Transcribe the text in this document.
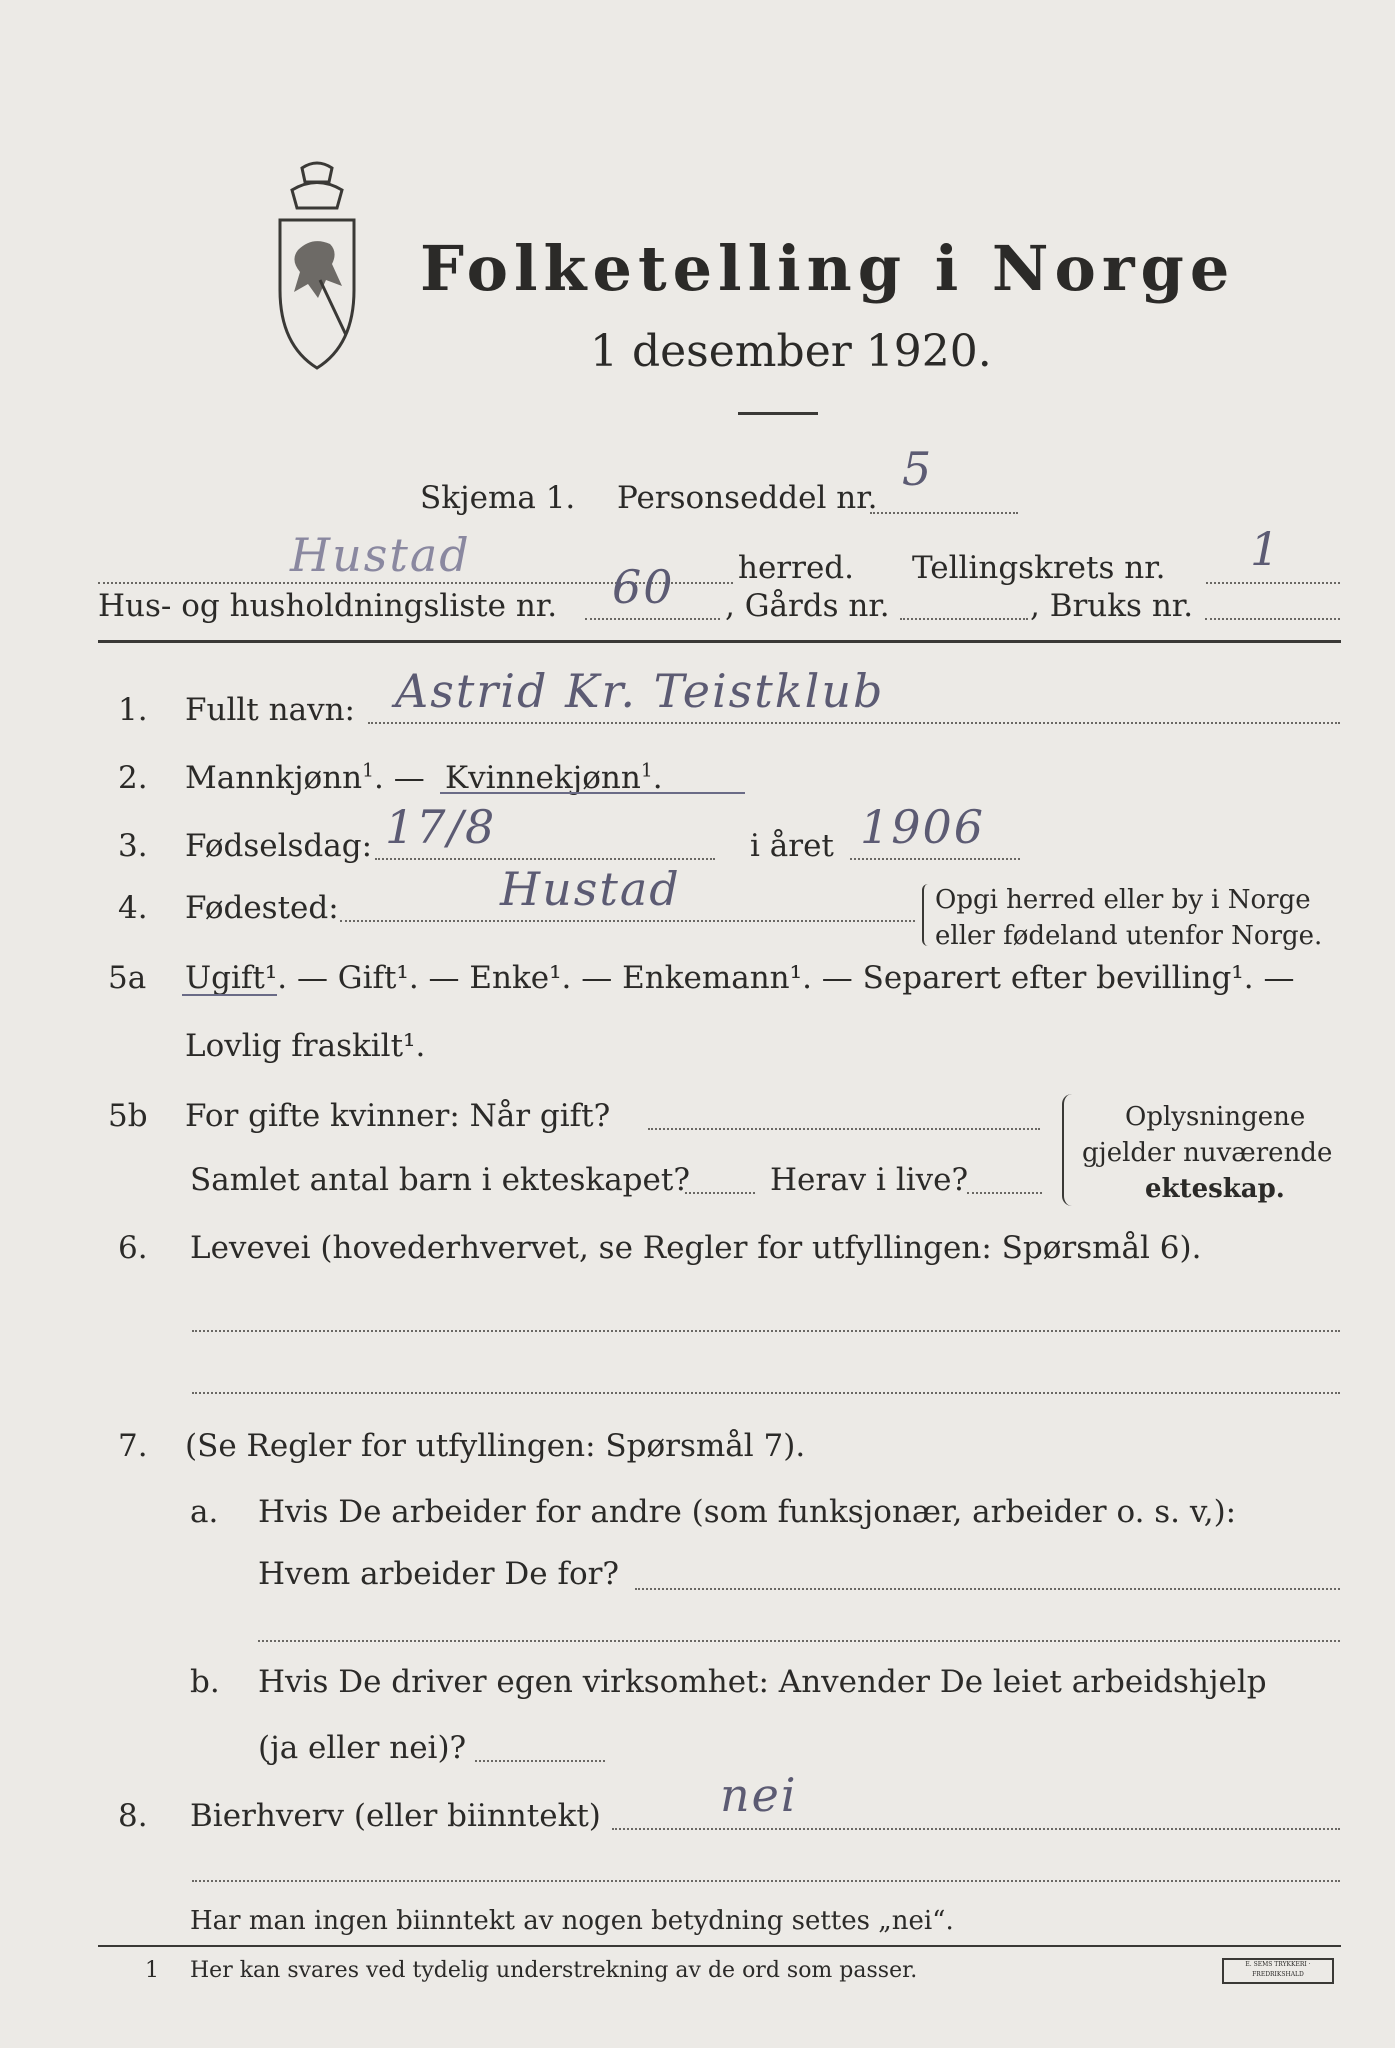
Folketelling i Norge
1 desember 1920.
Skjema 1. Personseddel nr.
5
Hustad	herred. Tellingskrets nr. 1
Hus- og husholdningsliste nr. 60 , Gårds nr.	, Bruks nr.
1. Fullt navn: Astrid Kr. Teistklub
2. Mannkjønn$^1$. — Kvinnekjønn$^1$.
3. Fødselsdag: 17/8	i året 1906
4. Fødested:	Hustad	Opgi herred eller by i Norge
eller fødeland utenfor Norge.
5a Ugift¹. — Gift¹. — Enke¹. — Enkemann¹. — Separert efter bevilling¹. —
Lovlig fraskilt¹.
5b For gifte kvinner: Når gift?
Samlet antal barn i ekteskapet?	Herav i live?
Oplysningene
gjelder nuværende
ekteskap.
6. Levevei (hovederhvervet, se Regler for utfyllingen: Spørsmål 6).
7. (Se Regler for utfyllingen: Spørsmål 7).
a. Hvis De arbeider for andre (som funksjonær, arbeider o. s. v,):
Hvem arbeider De for?
b. Hvis De driver egen virksomhet: Anvender De leiet arbeidshjelp
(ja eller nei)?
8. Bierhverv (eller biinntekt)	nei
Har man ingen biinntekt av nogen betydning settes „nei“.
1 Her kan svares ved tydelig understrekning av de ord som passer.	E. SEMS TRYKKERI · FREDRIKSHALD
